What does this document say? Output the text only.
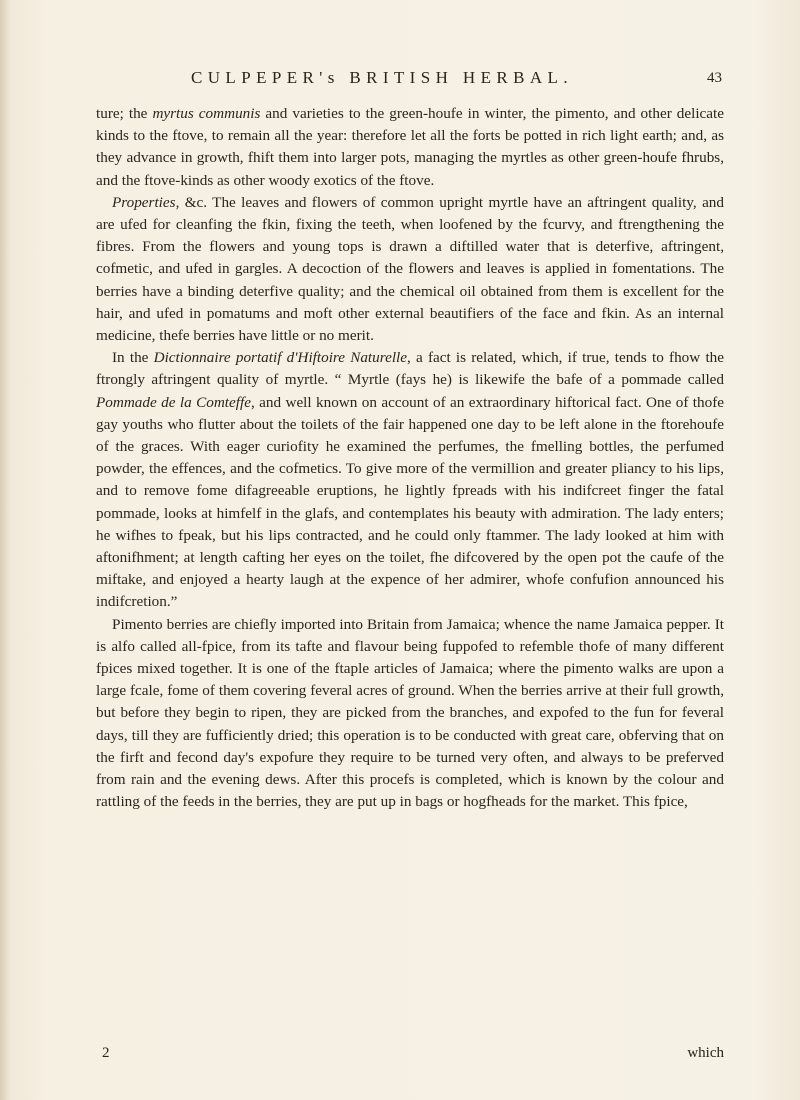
CULPEPER's BRITISH HERBAL.	43

ture; the myrtus communis and varieties to the green-houfe in winter, the pimento, and other delicate kinds to the ftove, to remain all the year: therefore let all the forts be potted in rich light earth; and, as they advance in growth, fhift them into larger pots, managing the myrtles as other green-houfe fhrubs, and the ftove-kinds as other woody exotics of the ftove.

Properties, &c. The leaves and flowers of common upright myrtle have an aftringent quality, and are ufed for cleanfing the fkin, fixing the teeth, when loofened by the fcurvy, and ftrengthening the fibres. From the flowers and young tops is drawn a diftilled water that is deterfive, aftringent, cofmetic, and ufed in gargles. A decoction of the flowers and leaves is applied in fomentations. The berries have a binding deterfive quality; and the chemical oil obtained from them is excellent for the hair, and ufed in pomatums and moft other external beautifiers of the face and fkin. As an internal medicine, thefe berries have little or no merit.

In the Dictionnaire portatif d'Hiftoire Naturelle, a fact is related, which, if true, tends to fhow the ftrongly aftringent quality of myrtle. “ Myrtle (fays he) is likewife the bafe of a pommade called Pommade de la Comteffe, and well known on account of an extraordinary hiftorical fact. One of thofe gay youths who flutter about the toilets of the fair happened one day to be left alone in the ftorehoufe of the graces. With eager curiofity he examined the perfumes, the fmelling bottles, the perfumed powder, the effences, and the cofmetics. To give more of the vermillion and greater pliancy to his lips, and to remove fome difagreeable eruptions, he lightly fpreads with his indifcreet finger the fatal pommade, looks at himfelf in the glafs, and contemplates his beauty with admiration. The lady enters; he wifhes to fpeak, but his lips contracted, and he could only ftammer. The lady looked at him with aftonifhment; at length cafting her eyes on the toilet, fhe difcovered by the open pot the caufe of the miftake, and enjoyed a hearty laugh at the expence of her admirer, whofe confufion announced his indifcretion.”

Pimento berries are chiefly imported into Britain from Jamaica; whence the name Jamaica pepper. It is alfo called all-fpice, from its tafte and flavour being fuppofed to refemble thofe of many different fpices mixed together. It is one of the ftaple articles of Jamaica; where the pimento walks are upon a large fcale, fome of them covering feveral acres of ground. When the berries arrive at their full growth, but before they begin to ripen, they are picked from the branches, and expofed to the fun for feveral days, till they are fufficiently dried; this operation is to be conducted with great care, obferving that on the firft and fecond day's expofure they require to be turned very often, and always to be preferved from rain and the evening dews. After this procefs is completed, which is known by the colour and rattling of the feeds in the berries, they are put up in bags or hogfheads for the market. This fpice,

2	which
